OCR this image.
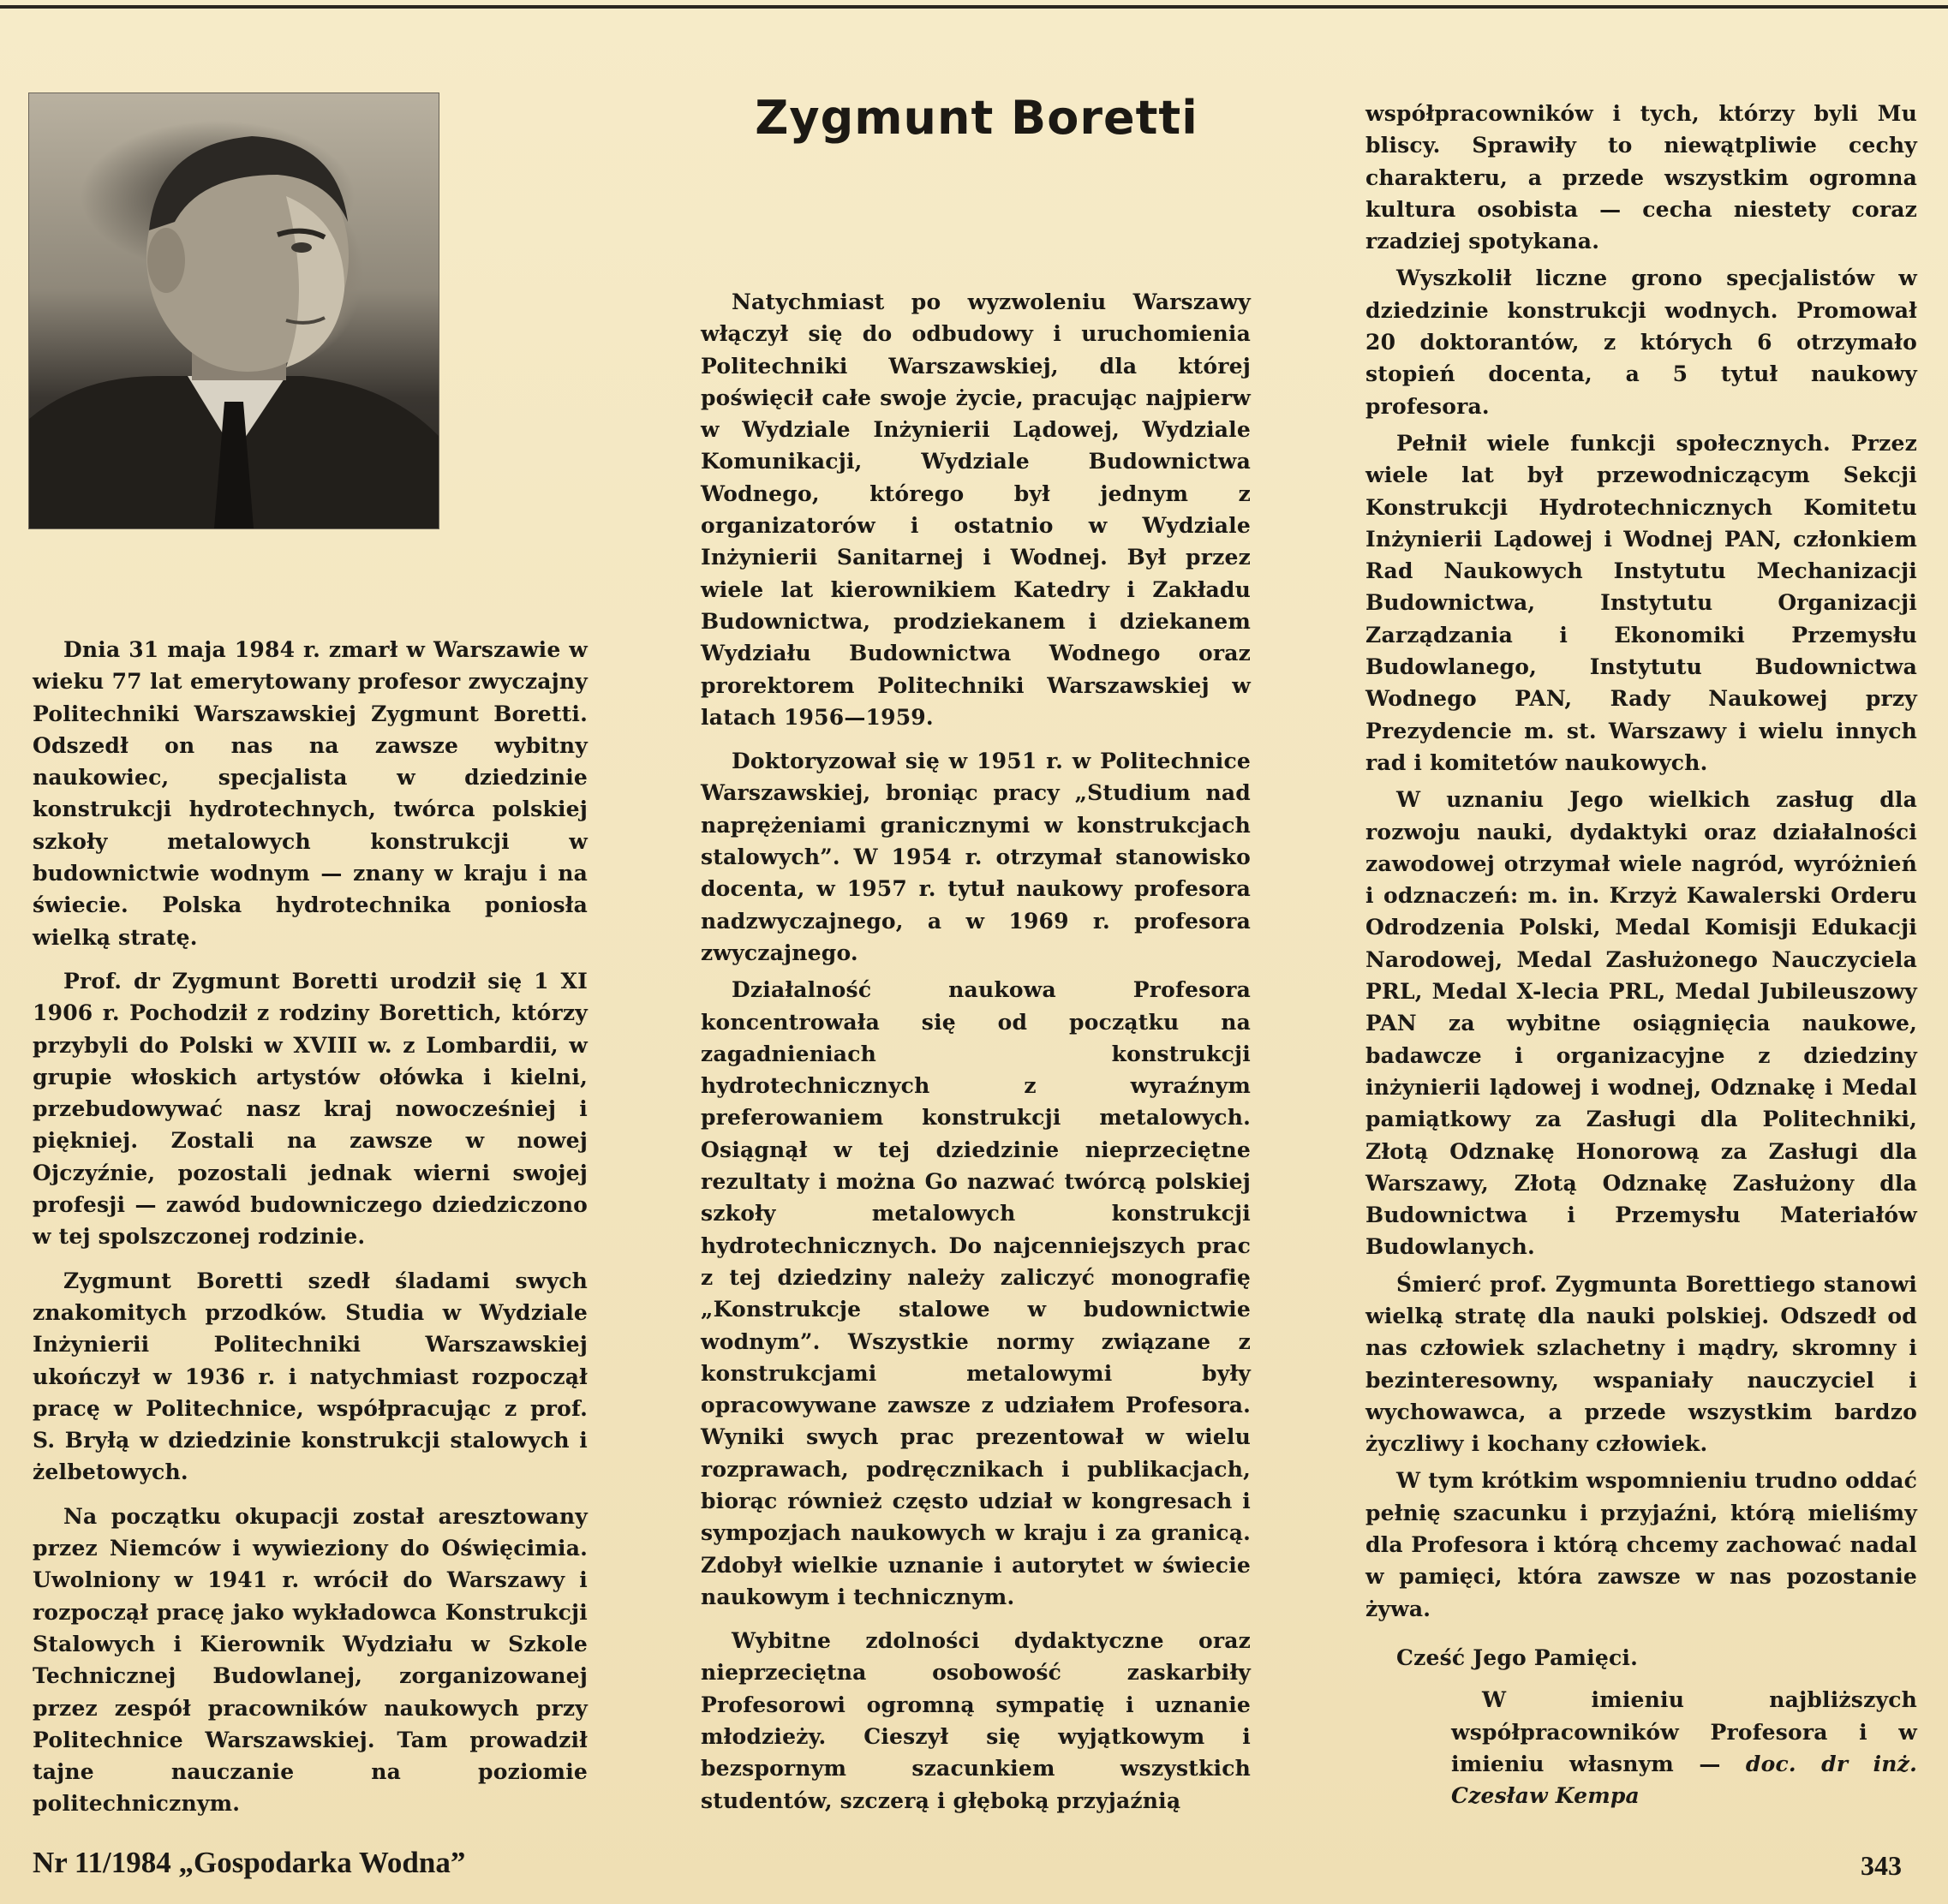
Zygmunt Boretti

Dnia 31 maja 1984 r. zmarł w Warszawie w wieku 77 lat emerytowany profesor zwyczajny Politechniki Warszawskiej Zygmunt Boretti. Odszedł on nas na zawsze wybitny naukowiec, specjalista w dziedzinie konstrukcji hydrotechnych, twórca polskiej szkoły metalowych konstrukcji w budownictwie wodnym — znany w kraju i na świecie. Polska hydrotechnika poniosła wielką stratę.

Prof. dr Zygmunt Boretti urodził się 1 XI 1906 r. Pochodził z rodziny Borettich, którzy przybyli do Polski w XVIII w. z Lombardii, w grupie włoskich artystów ołówka i kielni, przebudowywać nasz kraj nowocześniej i piękniej. Zostali na zawsze w nowej Ojczyźnie, pozostali jednak wierni swojej profesji — zawód budowniczego dziedziczono w tej spolszczonej rodzinie.

Zygmunt Boretti szedł śladami swych znakomitych przodków. Studia w Wydziale Inżynierii Politechniki Warszawskiej ukończył w 1936 r. i natychmiast rozpoczął pracę w Politechnice, współpracując z prof. S. Bryłą w dziedzinie konstrukcji stalowych i żelbetowych.

Na początku okupacji został aresztowany przez Niemców i wywieziony do Oświęcimia. Uwolniony w 1941 r. wrócił do Warszawy i rozpoczął pracę jako wykładowca Konstrukcji Stalowych i Kierownik Wydziału w Szkole Technicznej Budowlanej, zorganizowanej przez zespół pracowników naukowych przy Politechnice Warszawskiej. Tam prowadził tajne nauczanie na poziomie politechnicznym.

Natychmiast po wyzwoleniu Warszawy włączył się do odbudowy i uruchomienia Politechniki Warszawskiej, dla której poświęcił całe swoje życie, pracując najpierw w Wydziale Inżynierii Lądowej, Wydziale Komunikacji, Wydziale Budownictwa Wodnego, którego był jednym z organizatorów i ostatnio w Wydziale Inżynierii Sanitarnej i Wodnej. Był przez wiele lat kierownikiem Katedry i Zakładu Budownictwa, prodziekanem i dziekanem Wydziału Budownictwa Wodnego oraz prorektorem Politechniki Warszawskiej w latach 1956—1959.

Doktoryzował się w 1951 r. w Politechnice Warszawskiej, broniąc pracy „Studium nad naprężeniami granicznymi w konstrukcjach stalowych”. W 1954 r. otrzymał stanowisko docenta, w 1957 r. tytuł naukowy profesora nadzwyczajnego, a w 1969 r. profesora zwyczajnego.

Działalność naukowa Profesora koncentrowała się od początku na zagadnieniach konstrukcji hydrotechnicznych z wyraźnym preferowaniem konstrukcji metalowych. Osiągnął w tej dziedzinie nieprzeciętne rezultaty i można Go nazwać twórcą polskiej szkoły metalowych konstrukcji hydrotechnicznych. Do najcenniejszych prac z tej dziedziny należy zaliczyć monografię „Konstrukcje stalowe w budownictwie wodnym”. Wszystkie normy związane z konstrukcjami metalowymi były opracowywane zawsze z udziałem Profesora. Wyniki swych prac prezentował w wielu rozprawach, podręcznikach i publikacjach, biorąc również często udział w kongresach i sympozjach naukowych w kraju i za granicą. Zdobył wielkie uznanie i autorytet w świecie naukowym i technicznym.

Wybitne zdolności dydaktyczne oraz nieprzeciętna osobowość zaskarbiły Profesorowi ogromną sympatię i uznanie młodzieży. Cieszył się wyjątkowym i bezspornym szacunkiem wszystkich studentów, szczerą i głęboką przyjaźnią

współpracowników i tych, którzy byli Mu bliscy. Sprawiły to niewątpliwie cechy charakteru, a przede wszystkim ogromna kultura osobista — cecha niestety coraz rzadziej spotykana.

Wyszkolił liczne grono specjalistów w dziedzinie konstrukcji wodnych. Promował 20 doktorantów, z których 6 otrzymało stopień docenta, a 5 tytuł naukowy profesora.

Pełnił wiele funkcji społecznych. Przez wiele lat był przewodniczącym Sekcji Konstrukcji Hydrotechnicznych Komitetu Inżynierii Lądowej i Wodnej PAN, członkiem Rad Naukowych Instytutu Mechanizacji Budownictwa, Instytutu Organizacji Zarządzania i Ekonomiki Przemysłu Budowlanego, Instytutu Budownictwa Wodnego PAN, Rady Naukowej przy Prezydencie m. st. Warszawy i wielu innych rad i komitetów naukowych.

W uznaniu Jego wielkich zasług dla rozwoju nauki, dydaktyki oraz działalności zawodowej otrzymał wiele nagród, wyróżnień i odznaczeń: m. in. Krzyż Kawalerski Orderu Odrodzenia Polski, Medal Komisji Edukacji Narodowej, Medal Zasłużonego Nauczyciela PRL, Medal X-lecia PRL, Medal Jubileuszowy PAN za wybitne osiągnięcia naukowe, badawcze i organizacyjne z dziedziny inżynierii lądowej i wodnej, Odznakę i Medal pamiątkowy za Zasługi dla Politechniki, Złotą Odznakę Honorową za Zasługi dla Warszawy, Złotą Odznakę Zasłużony dla Budownictwa i Przemysłu Materiałów Budowlanych.

Śmierć prof. Zygmunta Borettiego stanowi wielką stratę dla nauki polskiej. Odszedł od nas człowiek szlachetny i mądry, skromny i bezinteresowny, wspaniały nauczyciel i wychowawca, a przede wszystkim bardzo życzliwy i kochany człowiek.

W tym krótkim wspomnieniu trudno oddać pełnię szacunku i przyjaźni, którą mieliśmy dla Profesora i którą chcemy zachować nadal w pamięci, która zawsze w nas pozostanie żywa.

Cześć Jego Pamięci.

W imieniu najbliższych współpracowników Profesora i w imieniu własnym — doc. dr inż. Czesław Kempa

Nr 11/1984 „Gospodarka Wodna”	343
